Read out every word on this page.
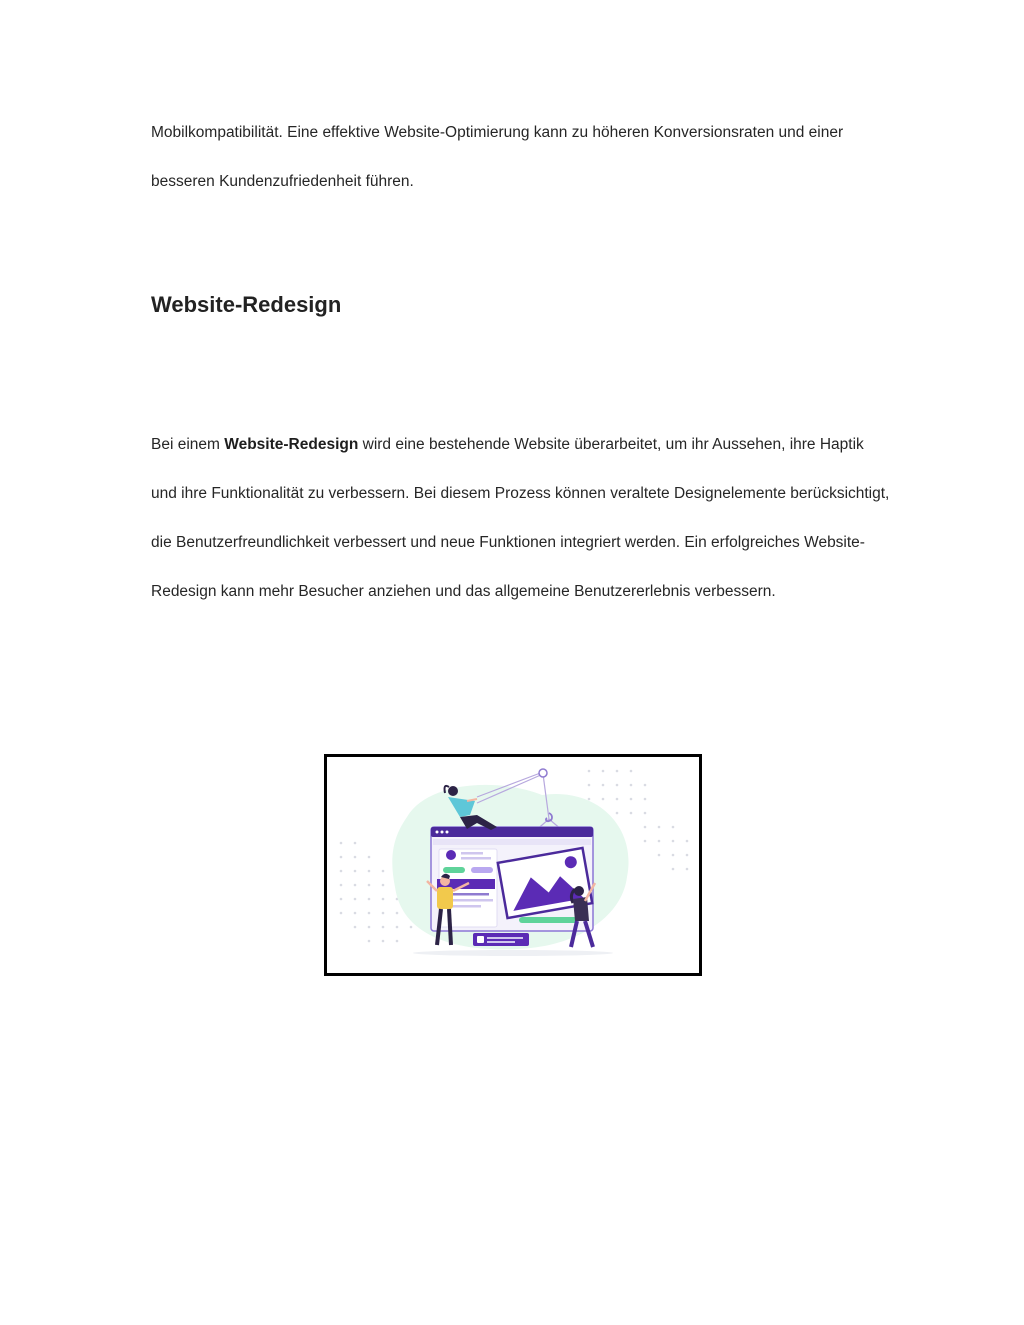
Mobilkompatibilität. Eine effektive Website-Optimierung kann zu höheren Konversionsraten und einer besseren Kundenzufriedenheit führen.

Website-Redesign

Bei einem Website-Redesign wird eine bestehende Website überarbeitet, um ihr Aussehen, ihre Haptik und ihre Funktionalität zu verbessern. Bei diesem Prozess können veraltete Designelemente berücksichtigt, die Benutzerfreundlichkeit verbessert und neue Funktionen integriert werden. Ein erfolgreiches Website-Redesign kann mehr Besucher anziehen und das allgemeine Benutzererlebnis verbessern.
